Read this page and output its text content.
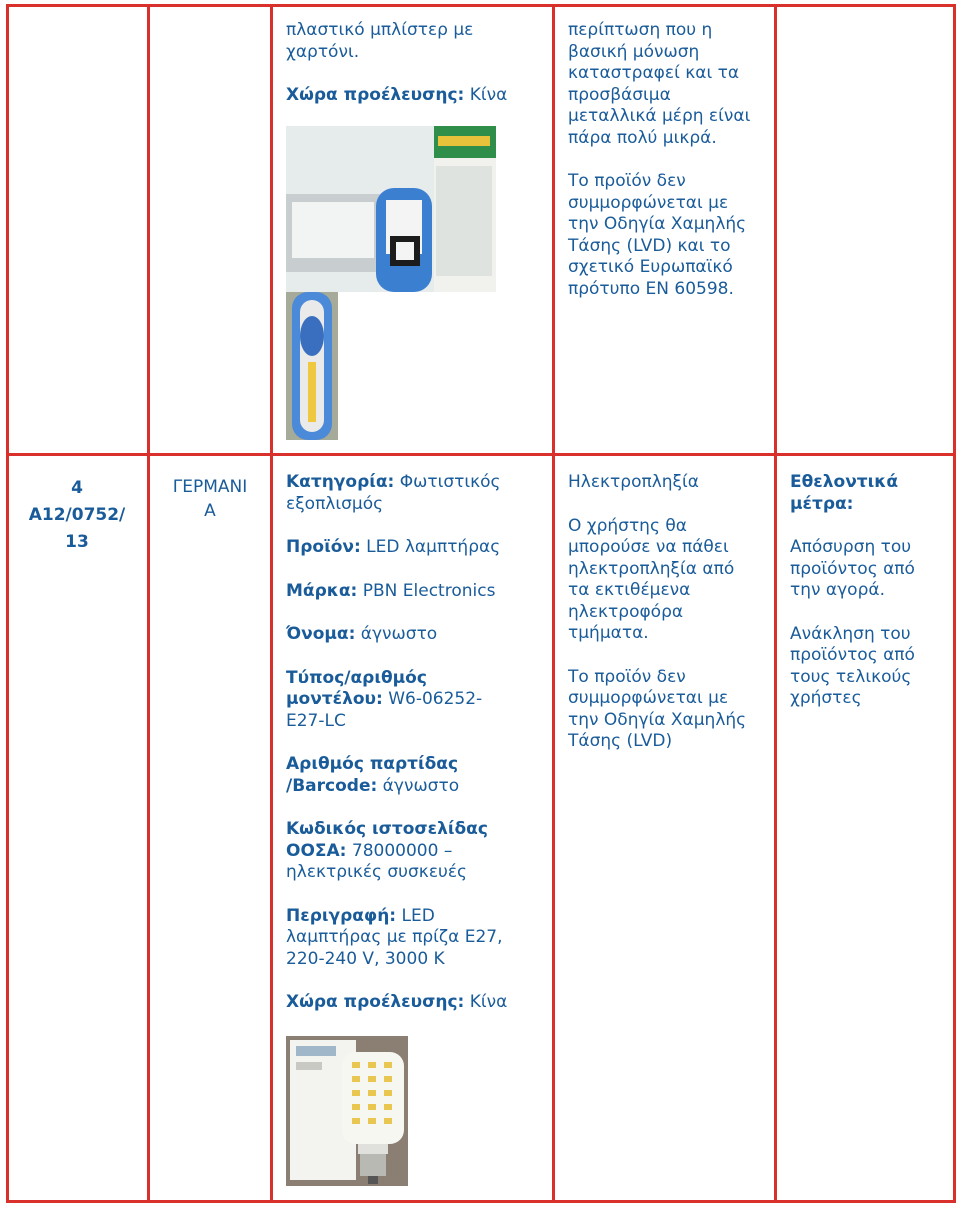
πλαστικό μπλίστερ με
χαρτόνι.
Χώρα προέλευσης: Κίνα
περίπτωση που η
βασική μόνωση
καταστραφεί και τα
προσβάσιμα
μεταλλικά μέρη είναι
πάρα πολύ μικρά.
Το προϊόν δεν
συμμορφώνεται με
την Οδηγία Χαμηλής
Τάσης (LVD) και το
σχετικό Ευρωπαϊκό
πρότυπο EN 60598.
4
A12/0752/
13
ΓΕΡΜΑΝΙ
Α
Κατηγορία: Φωτιστικός
εξοπλισμός
Προϊόν: LED λαμπτήρας
Μάρκα: PBN Electronics
Όνομα: άγνωστο
Τύπος/αριθμός
μοντέλου: W6-06252-
E27-LC
Αριθμός παρτίδας
/Barcode: άγνωστο
Κωδικός ιστοσελίδας
ΟΟΣΑ: 78000000 –
ηλεκτρικές συσκευές
Περιγραφή: LED
λαμπτήρας με πρίζα E27,
220-240 V, 3000 K
Χώρα προέλευσης: Κίνα
Ηλεκτροπληξία
Ο χρήστης θα
μπορούσε να πάθει
ηλεκτροπληξία από
τα εκτιθέμενα
ηλεκτροφόρα
τμήματα.
Το προϊόν δεν
συμμορφώνεται με
την Οδηγία Χαμηλής
Τάσης (LVD)
Εθελοντικά
μέτρα:
Απόσυρση του
προϊόντος από
την αγορά.
Ανάκληση του
προϊόντος από
τους τελικούς
χρήστες
